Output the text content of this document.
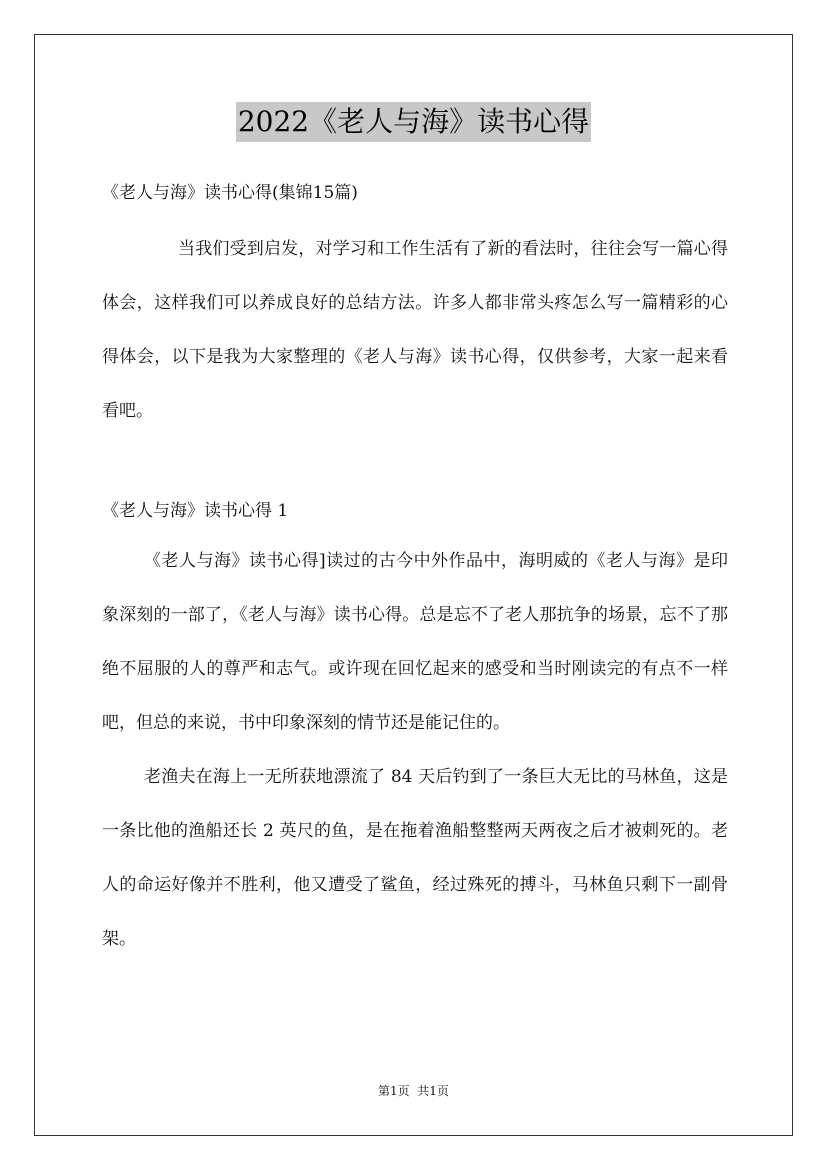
2022《老人与海》读书心得
《老人与海》读书心得(集锦15篇)

当我们受到启发，对学习和工作生活有了新的看法时，往往会写一篇心得体会，这样我们可以养成良好的总结方法。许多人都非常头疼怎么写一篇精彩的心得体会，以下是我为大家整理的《老人与海》读书心得，仅供参考，大家一起来看看吧。

《老人与海》读书心得 1

《老人与海》读书心得]读过的古今中外作品中，海明威的《老人与海》是印象深刻的一部了，《老人与海》读书心得。总是忘不了老人那抗争的场景，忘不了那绝不屈服的人的尊严和志气。或许现在回忆起来的感受和当时刚读完的有点不一样吧，但总的来说，书中印象深刻的情节还是能记住的。

老渔夫在海上一无所获地漂流了 84 天后钓到了一条巨大无比的马林鱼，这是一条比他的渔船还长 2 英尺的鱼，是在拖着渔船整整两天两夜之后才被刺死的。老人的命运好像并不胜利，他又遭受了鲨鱼，经过殊死的搏斗，马林鱼只剩下一副骨架。

第1页  共1页
